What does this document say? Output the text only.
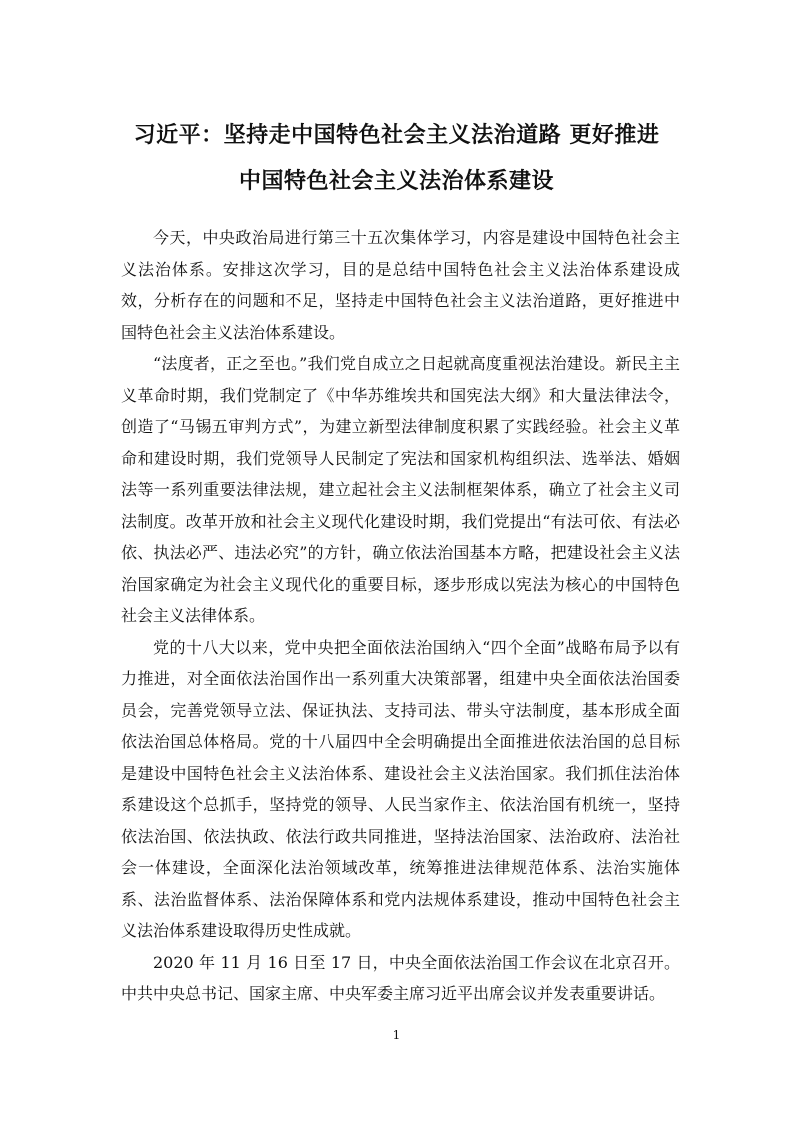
习近平：坚持走中国特色社会主义法治道路 更好推进
中国特色社会主义法治体系建设

今天，中央政治局进行第三十五次集体学习，内容是建设中国特色社会主义法治体系。安排这次学习，目的是总结中国特色社会主义法治体系建设成效，分析存在的问题和不足，坚持走中国特色社会主义法治道路，更好推进中国特色社会主义法治体系建设。

“法度者，正之至也。”我们党自成立之日起就高度重视法治建设。新民主主义革命时期，我们党制定了《中华苏维埃共和国宪法大纲》和大量法律法令，创造了“马锡五审判方式”，为建立新型法律制度积累了实践经验。社会主义革命和建设时期，我们党领导人民制定了宪法和国家机构组织法、选举法、婚姻法等一系列重要法律法规，建立起社会主义法制框架体系，确立了社会主义司法制度。改革开放和社会主义现代化建设时期，我们党提出“有法可依、有法必依、执法必严、违法必究”的方针，确立依法治国基本方略，把建设社会主义法治国家确定为社会主义现代化的重要目标，逐步形成以宪法为核心的中国特色社会主义法律体系。

党的十八大以来，党中央把全面依法治国纳入“四个全面”战略布局予以有力推进，对全面依法治国作出一系列重大决策部署，组建中央全面依法治国委员会，完善党领导立法、保证执法、支持司法、带头守法制度，基本形成全面依法治国总体格局。党的十八届四中全会明确提出全面推进依法治国的总目标是建设中国特色社会主义法治体系、建设社会主义法治国家。我们抓住法治体系建设这个总抓手，坚持党的领导、人民当家作主、依法治国有机统一，坚持依法治国、依法执政、依法行政共同推进，坚持法治国家、法治政府、法治社会一体建设，全面深化法治领域改革，统筹推进法律规范体系、法治实施体系、法治监督体系、法治保障体系和党内法规体系建设，推动中国特色社会主义法治体系建设取得历史性成就。

2020 年 11 月 16 日至 17 日，中央全面依法治国工作会议在北京召开。中共中央总书记、国家主席、中央军委主席习近平出席会议并发表重要讲话。

1
